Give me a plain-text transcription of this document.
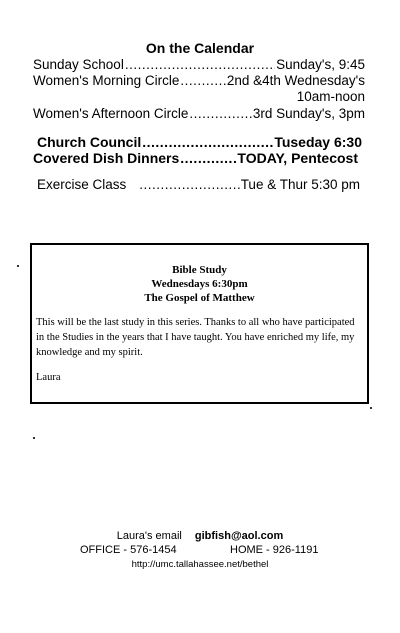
On the Calendar
Sunday School .....	Sunday's, 9:45
Women's Morning Circle .....	2nd &4th Wednesday's
10am-noon
Women's Afternoon Circle .....	3rd Sunday's, 3pm
Church Council .....	Tuseday 6:30
Covered Dish Dinners .....	TODAY, Pentecost
Exercise Class .....	Tue & Thur 5:30 pm
Bible Study
Wednesdays 6:30pm
The Gospel of Matthew
This will be the last study in this series. Thanks to all who have participated in the Studies in the years that I have taught. You have enriched my life, my knowledge and my spirit.
Laura
Laura's email gibfish@aol.com
OFFICE - 576-1454	HOME - 926-1191
http://umc.tallahassee.net/bethel
